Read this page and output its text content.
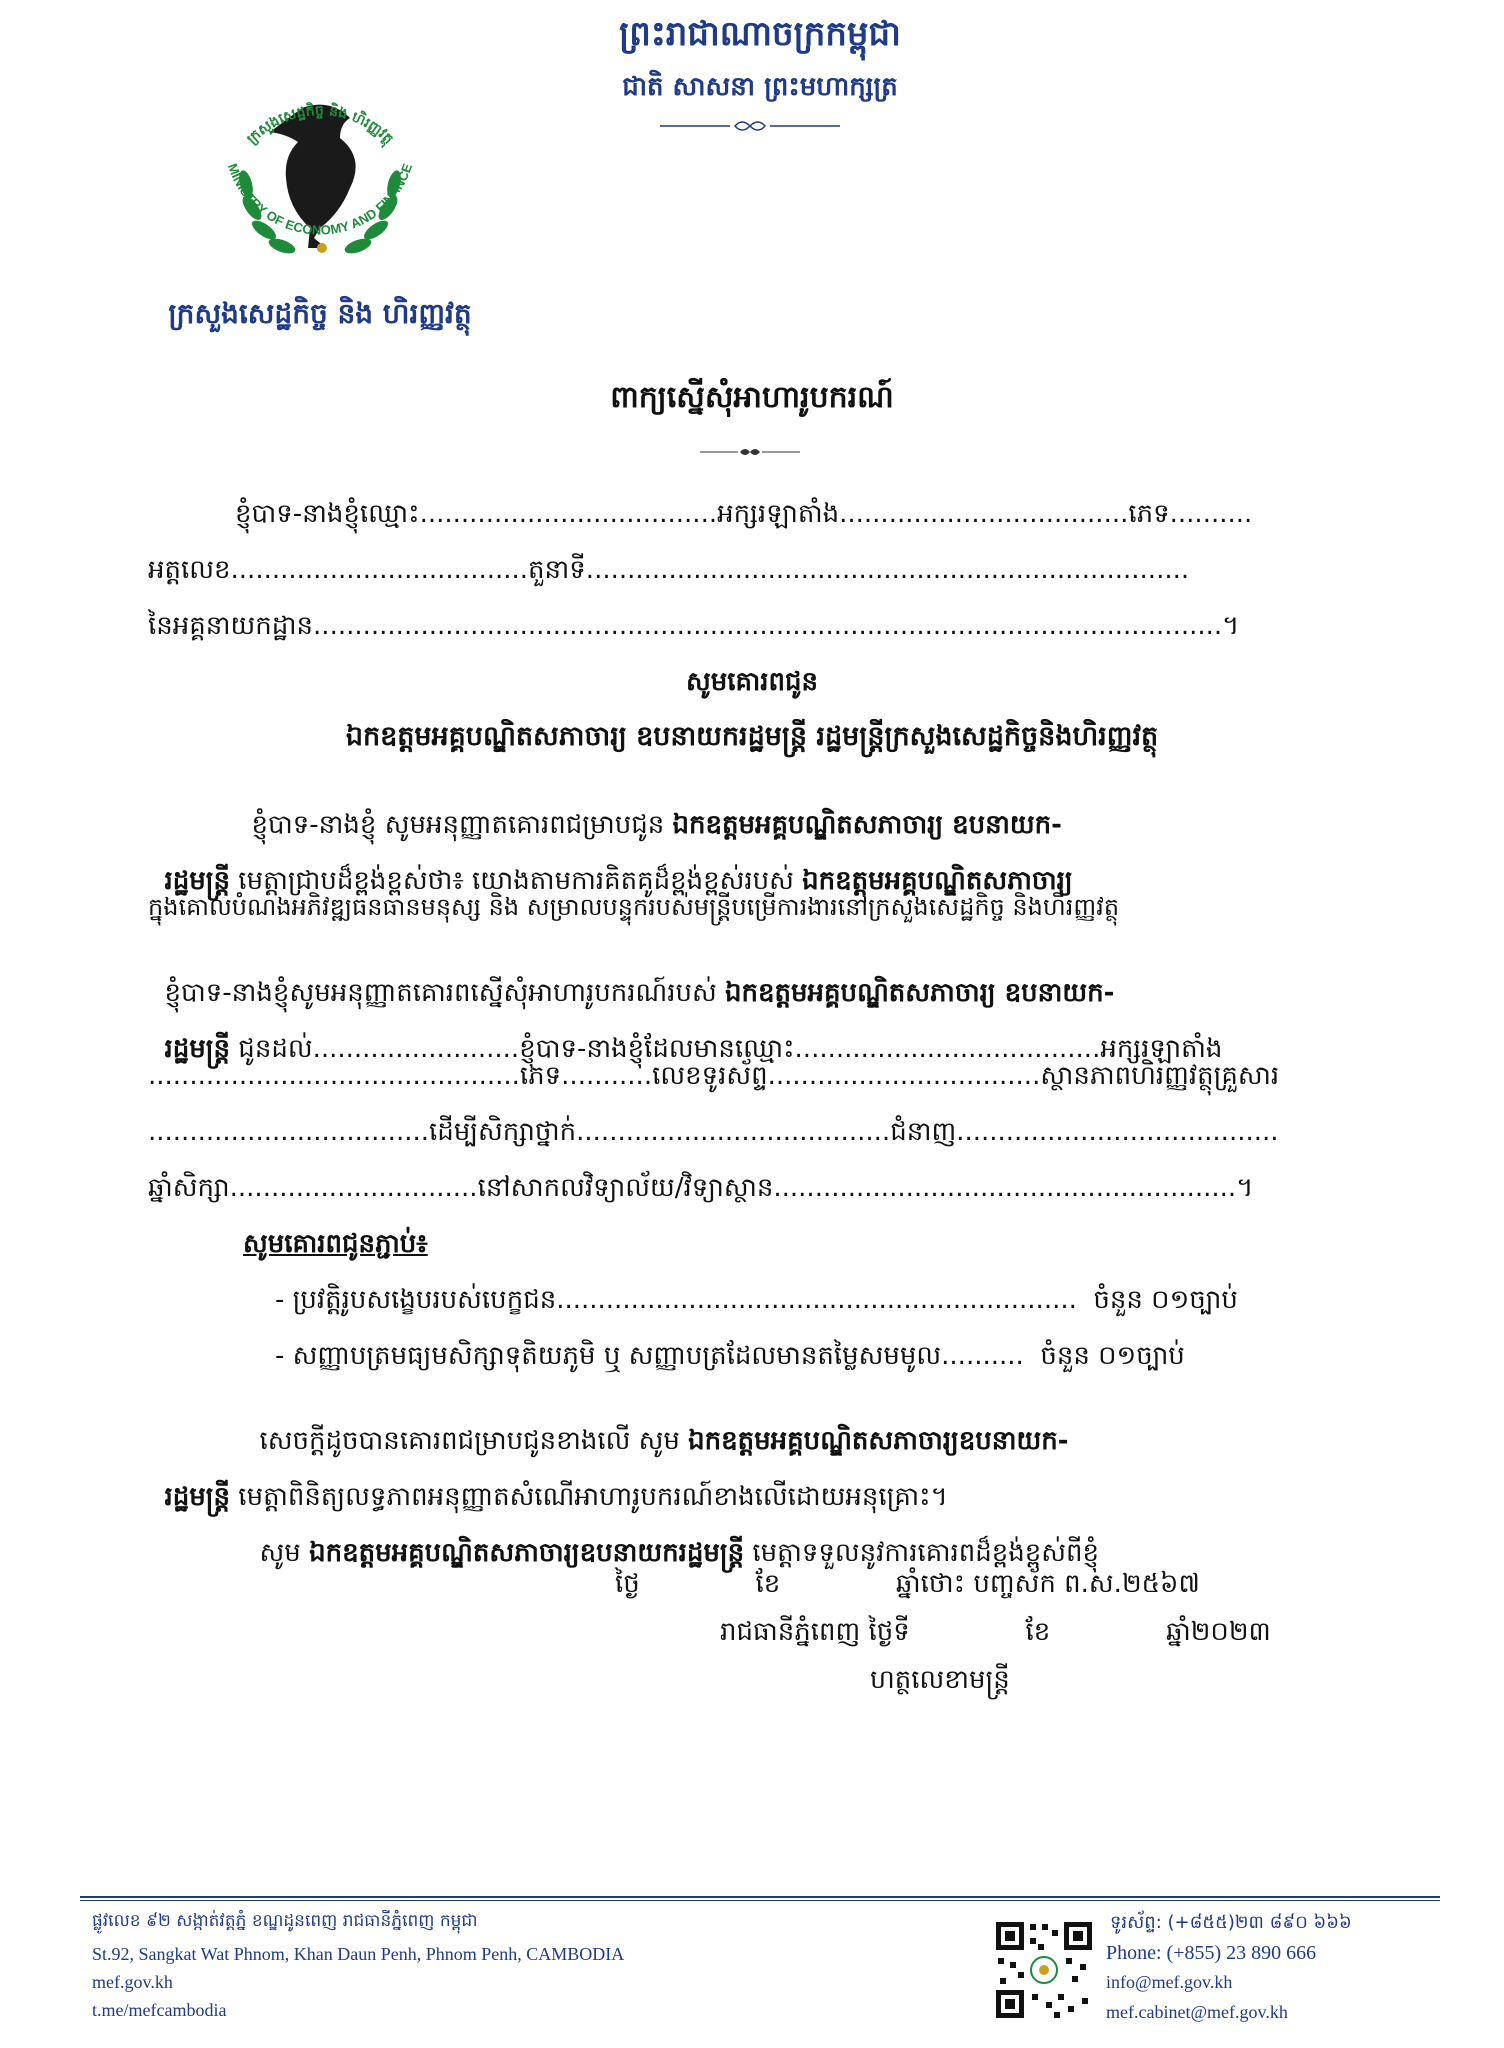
ព្រះរាជាណាចក្រកម្ពុជា
ជាតិ សាសនា ព្រះមហាក្សត្រ
MINISTRY OF ECONOMY AND FINANCE
ក្រសួងសេដ្ឋកិច្ច និង ហិរញ្ញវត្ថុ
ក្រសួងសេដ្ឋកិច្ច និង ហិរញ្ញវត្ថុ
ពាក្យស្នើសុំអាហារូបករណ៍
ខ្ញុំបាទ-នាងខ្ញុំឈ្មោះ....................................អក្សរឡាតាំង...................................ភេទ..........
អត្តលេខ....................................តួនាទី.........................................................................
នៃអគ្គនាយកដ្ឋាន..............................................................................................................។
សូមគោរពជូន
ឯកឧត្តមអគ្គបណ្ឌិតសភាចារ្យ ឧបនាយករដ្ឋមន្ត្រី រដ្ឋមន្ត្រីក្រសួងសេដ្ឋកិច្ចនិងហិរញ្ញវត្ថុ

ខ្ញុំបាទ-នាងខ្ញុំ សូមអនុញ្ញាតគោរពជម្រាបជូន ឯកឧត្តមអគ្គបណ្ឌិតសភាចារ្យ ឧបនាយក-

រដ្ឋមន្ត្រី មេត្តាជ្រាបដ៏ខ្ពង់ខ្ពស់ថា៖ យោងតាមការគិតគូដ៏ខ្ពង់ខ្ពស់របស់ ឯកឧត្តមអគ្គបណ្ឌិតសភាចារ្យ

ក្នុងគោលបំណងអភិវឌ្ឍធនធានមនុស្ស និង សម្រាលបន្ទុករបស់មន្ត្រីបម្រើការងារនៅក្រសួងសេដ្ឋកិច្ច និងហិរញ្ញវត្ថុ

ខ្ញុំបាទ-នាងខ្ញុំសូមអនុញ្ញាតគោរពស្នើសុំអាហារូបករណ៍របស់ ឯកឧត្តមអគ្គបណ្ឌិតសភាចារ្យ ឧបនាយក-

រដ្ឋមន្ត្រី ជូនដល់.........................ខ្ញុំបាទ-នាងខ្ញុំដែលមានឈ្មោះ.....................................អក្សរឡាតាំង

.............................................ភេទ...........លេខទូរស័ព្ទ.................................ស្ថានភាពហិរញ្ញវត្ថុគ្រួសារ
..................................ដើម្បីសិក្សាថ្នាក់......................................ជំនាញ.......................................
ឆ្នាំសិក្សា..............................នៅសាកលវិទ្យាល័យ/វិទ្យាស្ថាន........................................................។
សូមគោរពជូនភ្ជាប់៖
- ប្រវត្តិរូបសង្ខេបរបស់បេក្ខជន...............................................................  ចំនួន ០១ច្បាប់
- សញ្ញាបត្រមធ្យមសិក្សាទុតិយភូមិ ឬ សញ្ញាបត្រដែលមានតម្លៃសមមូល..........  ចំនួន ០១ច្បាប់

សេចក្តីដូចបានគោរពជម្រាបជូនខាងលើ សូម ឯកឧត្តមអគ្គបណ្ឌិតសភាចារ្យឧបនាយក-

រដ្ឋមន្ត្រី មេត្តាពិនិត្យលទ្ធភាពអនុញ្ញាតសំណើអាហារូបករណ៍ខាងលើដោយអនុគ្រោះ។

សូម ឯកឧត្តមអគ្គបណ្ឌិតសភាចារ្យឧបនាយករដ្ឋមន្ត្រី មេត្តាទទួលនូវការគោរពដ៏ខ្ពង់ខ្ពស់ពីខ្ញុំ

ថ្ងៃ              ខែ              ឆ្នាំថោះ បញ្ចស័ក ព.ស.២៥៦៧
រាជធានីភ្នំពេញ ថ្ងៃទី              ខែ              ឆ្នាំ២០២៣
ហត្ថលេខាមន្ត្រី
ផ្លូវលេខ ៩២ សង្កាត់វត្តភ្នំ ខណ្ឌដូនពេញ រាជធានីភ្នំពេញ កម្ពុជា
St.92, Sangkat Wat Phnom, Khan Daun Penh, Phnom Penh, CAMBODIA
mef.gov.kh
t.me/mefcambodia
ទូរស័ព្ទ: (+៨៥៥)២៣ ៨៩០ ៦៦៦
Phone: (+855) 23 890 666
info@mef.gov.kh
mef.cabinet@mef.gov.kh
